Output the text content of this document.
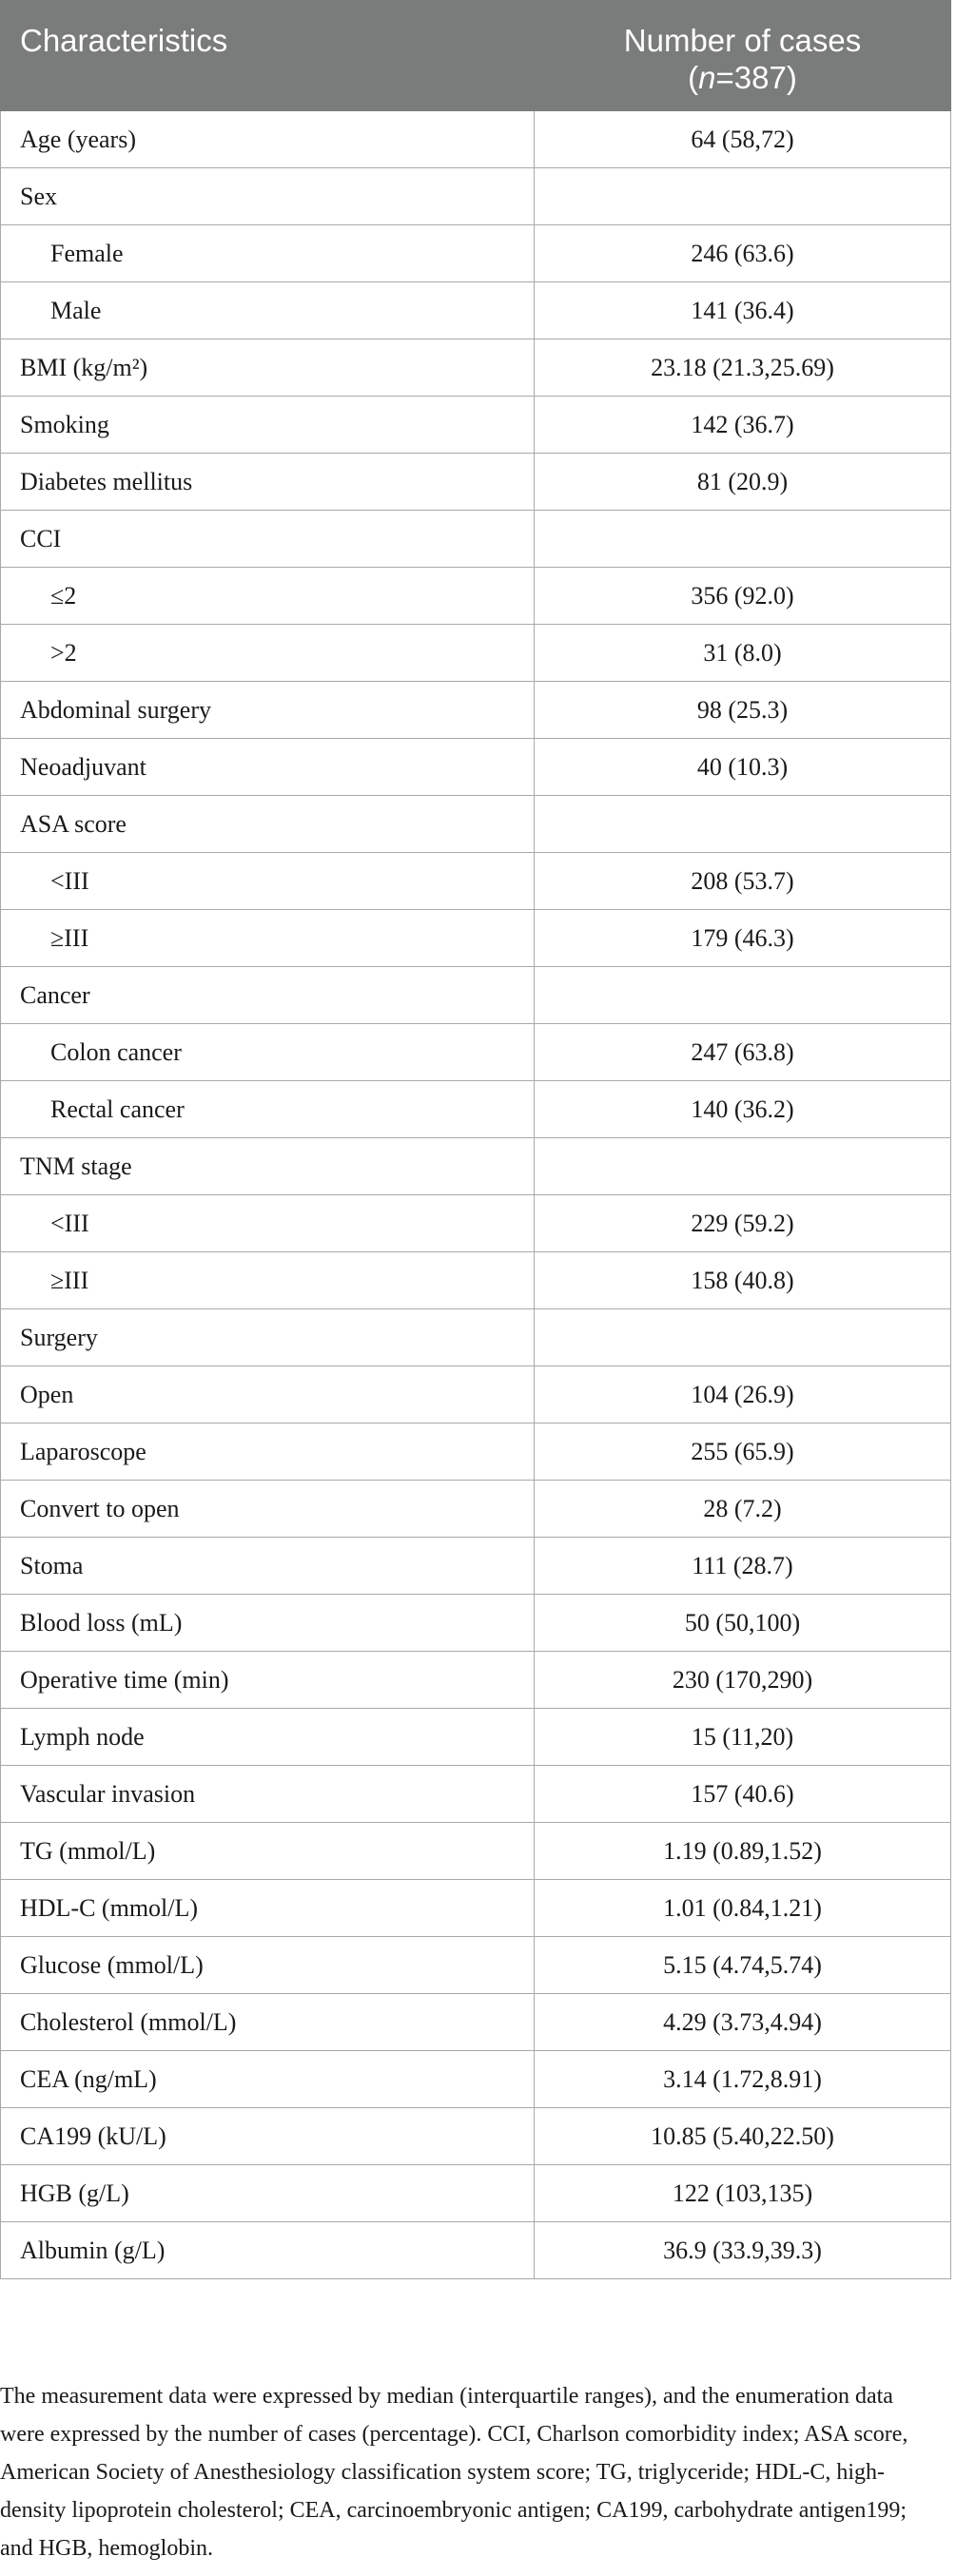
Characteristics	Number of cases
(n=387)

Age (years)	64 (58,72)
Sex	
Female	246 (63.6)
Male	141 (36.4)
BMI (kg/m²)	23.18 (21.3,25.69)
Smoking	142 (36.7)
Diabetes mellitus	81 (20.9)
CCI	
≤2	356 (92.0)
>2	31 (8.0)
Abdominal surgery	98 (25.3)
Neoadjuvant	40 (10.3)
ASA score	
<III	208 (53.7)
≥III	179 (46.3)
Cancer	
Colon cancer	247 (63.8)
Rectal cancer	140 (36.2)
TNM stage	
<III	229 (59.2)
≥III	158 (40.8)
Surgery	
Open	104 (26.9)
Laparoscope	255 (65.9)
Convert to open	28 (7.2)
Stoma	111 (28.7)
Blood loss (mL)	50 (50,100)
Operative time (min)	230 (170,290)
Lymph node	15 (11,20)
Vascular invasion	157 (40.6)
TG (mmol/L)	1.19 (0.89,1.52)
HDL-C (mmol/L)	1.01 (0.84,1.21)
Glucose (mmol/L)	5.15 (4.74,5.74)
Cholesterol (mmol/L)	4.29 (3.73,4.94)
CEA (ng/mL)	3.14 (1.72,8.91)
CA199 (kU/L)	10.85 (5.40,22.50)
HGB (g/L)	122 (103,135)
Albumin (g/L)	36.9 (33.9,39.3)
The measurement data were expressed by median (interquartile ranges), and the enumeration data were expressed by the number of cases (percentage). CCI, Charlson comorbidity index; ASA score, American Society of Anesthesiology classification system score; TG, triglyceride; HDL-C, high-density lipoprotein cholesterol; CEA, carcinoembryonic antigen; CA199, carbohydrate antigen199; and HGB, hemoglobin.
